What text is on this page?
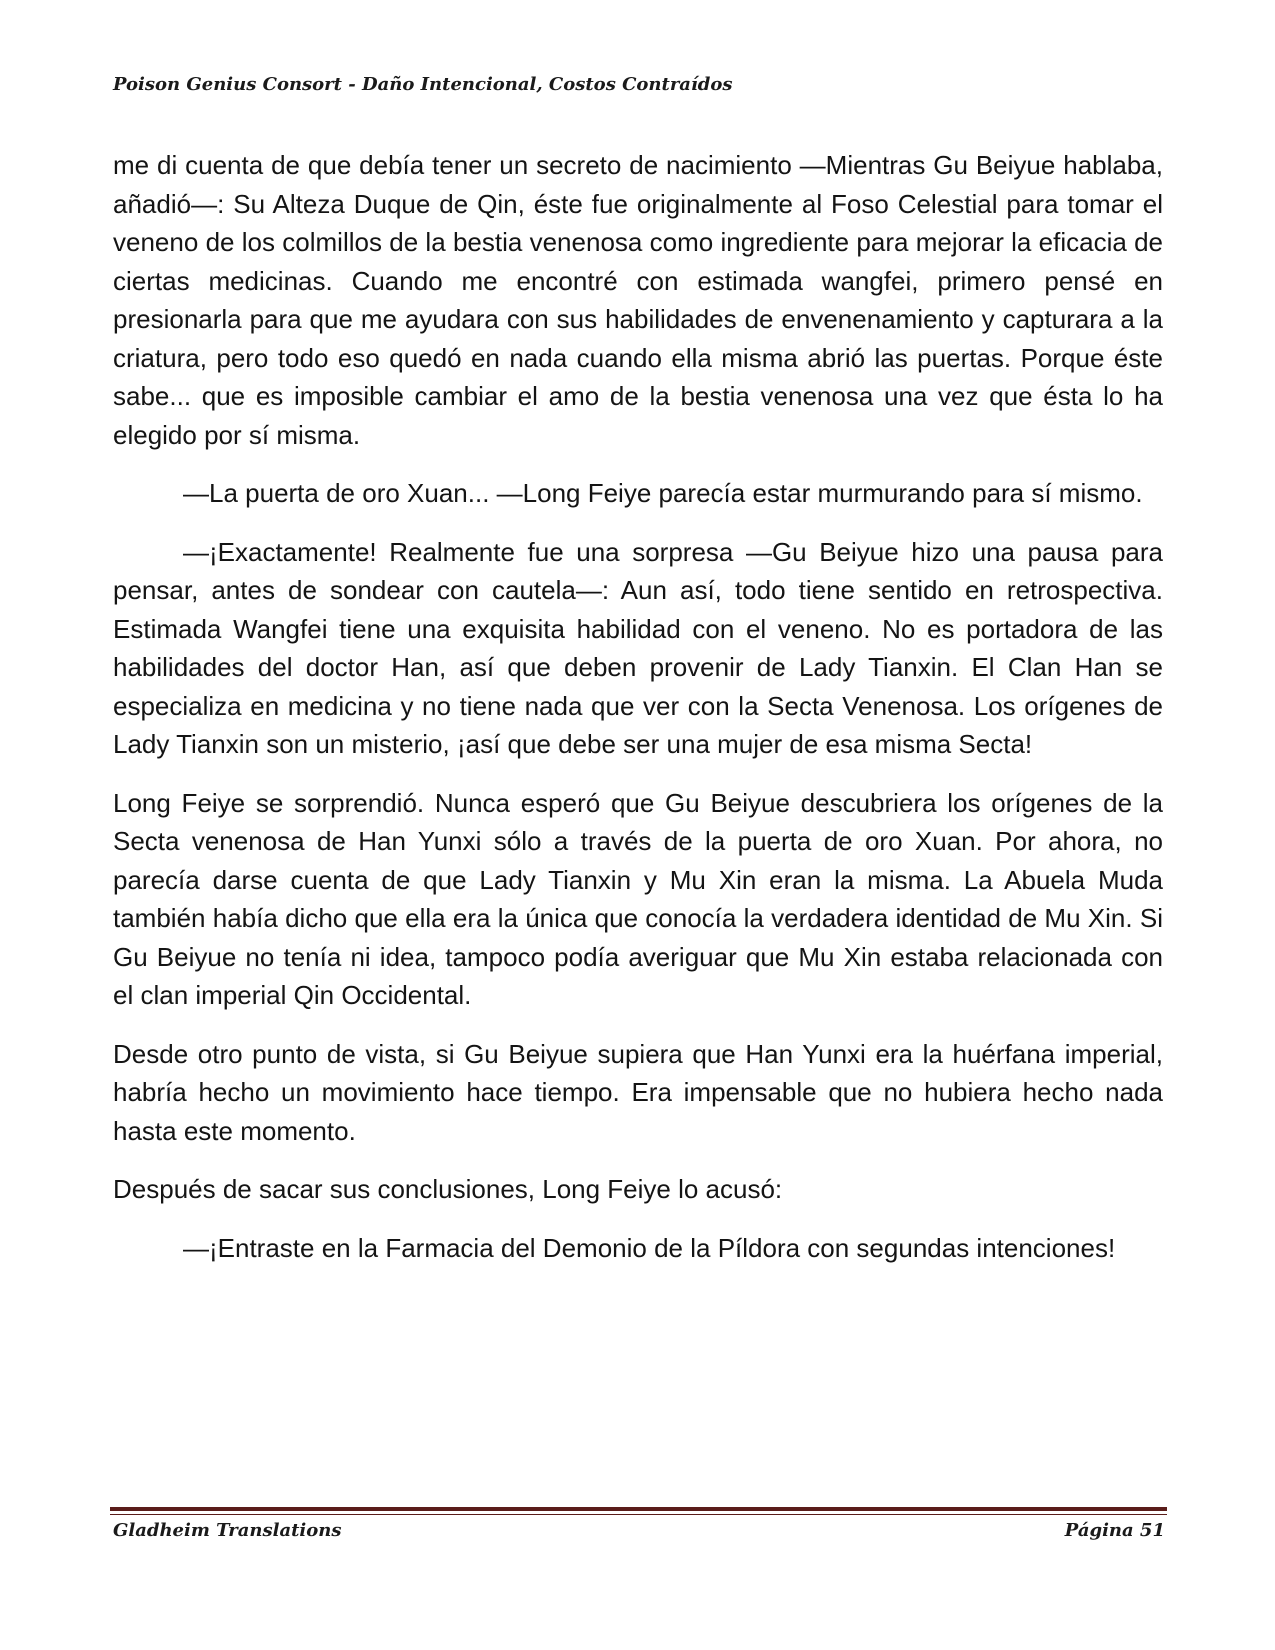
Poison Genius Consort - Daño Intencional, Costos Contraídos

me di cuenta de que debía tener un secreto de nacimiento —Mientras Gu Beiyue hablaba, añadió—: Su Alteza Duque de Qin, éste fue originalmente al Foso Celestial para tomar el veneno de los colmillos de la bestia venenosa como ingrediente para mejorar la eficacia de ciertas medicinas. Cuando me encontré con estimada wangfei, primero pensé en presionarla para que me ayudara con sus habilidades de envenenamiento y capturara a la criatura, pero todo eso quedó en nada cuando ella misma abrió las puertas. Porque éste sabe... que es imposible cambiar el amo de la bestia venenosa una vez que ésta lo ha elegido por sí misma.

—La puerta de oro Xuan... —Long Feiye parecía estar murmurando para sí mismo.

—¡Exactamente! Realmente fue una sorpresa —Gu Beiyue hizo una pausa para pensar, antes de sondear con cautela—: Aun así, todo tiene sentido en retrospectiva. Estimada Wangfei tiene una exquisita habilidad con el veneno. No es portadora de las habilidades del doctor Han, así que deben provenir de Lady Tianxin. El Clan Han se especializa en medicina y no tiene nada que ver con la Secta Venenosa. Los orígenes de Lady Tianxin son un misterio, ¡así que debe ser una mujer de esa misma Secta!

Long Feiye se sorprendió. Nunca esperó que Gu Beiyue descubriera los orígenes de la Secta venenosa de Han Yunxi sólo a través de la puerta de oro Xuan. Por ahora, no parecía darse cuenta de que Lady Tianxin y Mu Xin eran la misma. La Abuela Muda también había dicho que ella era la única que conocía la verdadera identidad de Mu Xin. Si Gu Beiyue no tenía ni idea, tampoco podía averiguar que Mu Xin estaba relacionada con el clan imperial Qin Occidental.

Desde otro punto de vista, si Gu Beiyue supiera que Han Yunxi era la huérfana imperial, habría hecho un movimiento hace tiempo. Era impensable que no hubiera hecho nada hasta este momento.

Después de sacar sus conclusiones, Long Feiye lo acusó:

—¡Entraste en la Farmacia del Demonio de la Píldora con segundas intenciones!

Gladheim Translations	Página 51
